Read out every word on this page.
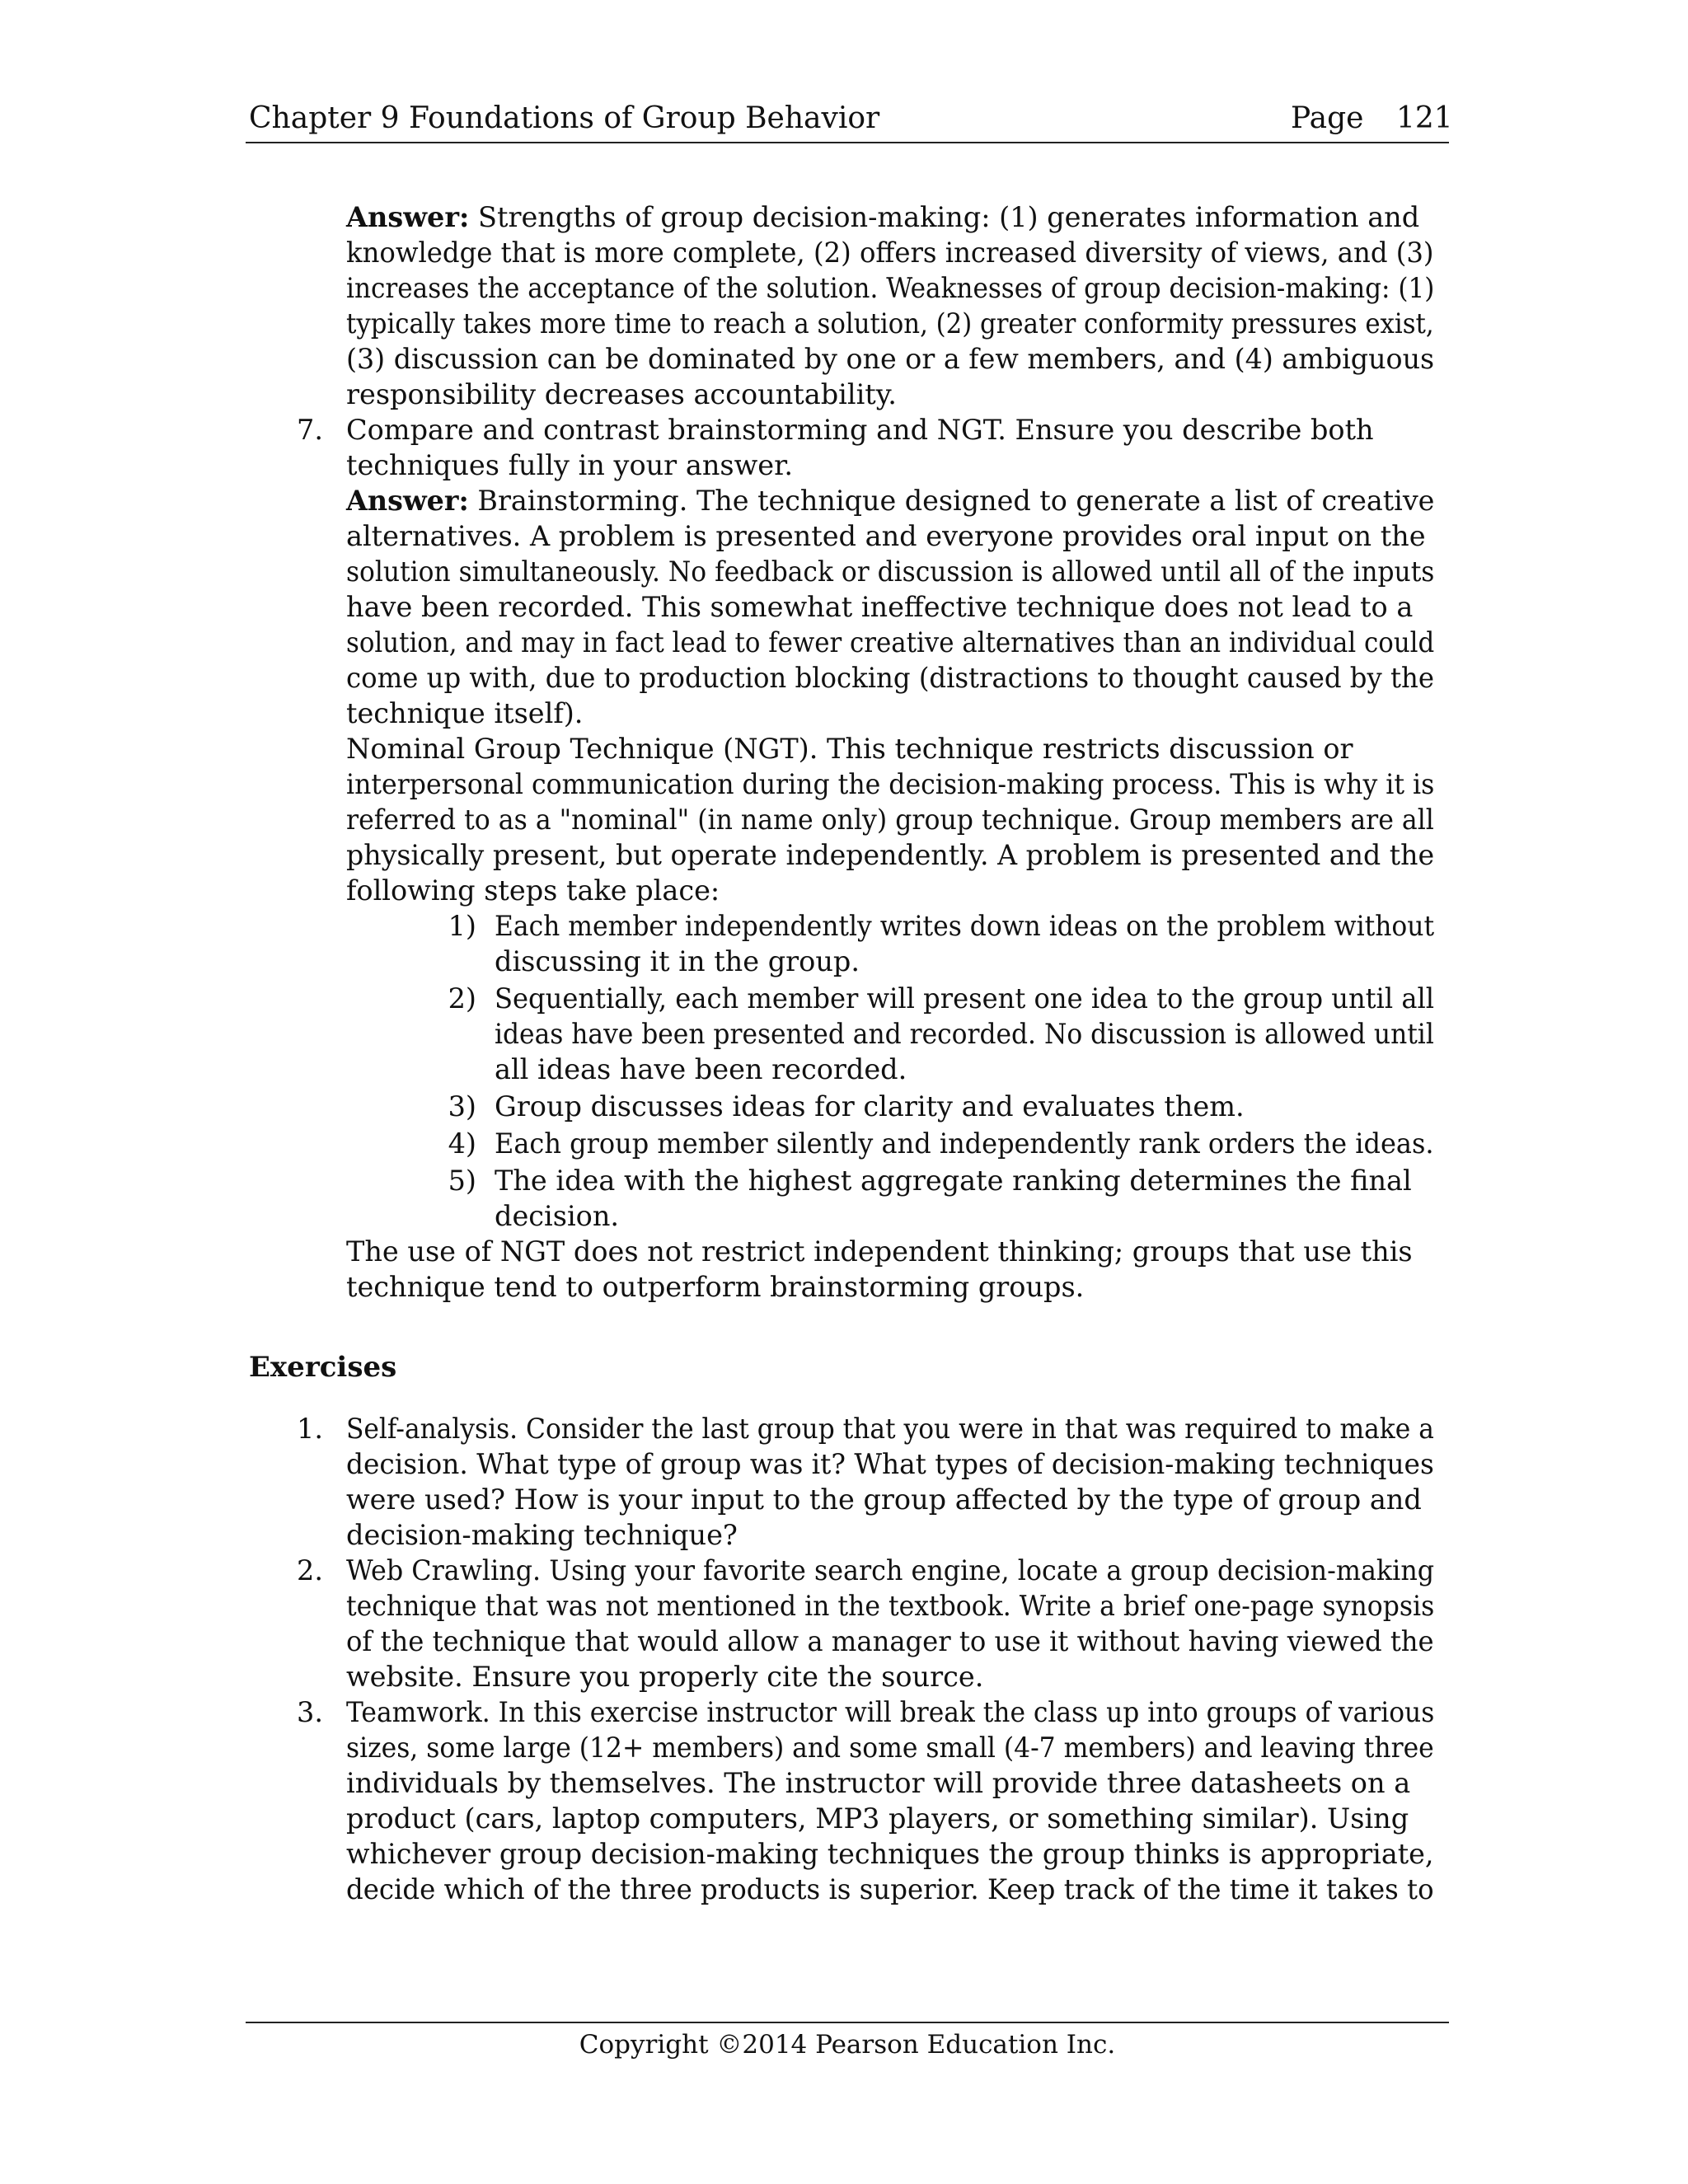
Chapter 9 Foundations of Group Behavior	Page 121
Answer: Strengths of group decision-making: (1) generates information and
knowledge that is more complete, (2) offers increased diversity of views, and (3)
increases the acceptance of the solution. Weaknesses of group decision-making: (1)
typically takes more time to reach a solution, (2) greater conformity pressures exist,
(3) discussion can be dominated by one or a few members, and (4) ambiguous
responsibility decreases accountability.
7. Compare and contrast brainstorming and NGT. Ensure you describe both
techniques fully in your answer.
Answer: Brainstorming. The technique designed to generate a list of creative
alternatives. A problem is presented and everyone provides oral input on the
solution simultaneously. No feedback or discussion is allowed until all of the inputs
have been recorded. This somewhat ineffective technique does not lead to a
solution, and may in fact lead to fewer creative alternatives than an individual could
come up with, due to production blocking (distractions to thought caused by the
technique itself).
Nominal Group Technique (NGT). This technique restricts discussion or
interpersonal communication during the decision-making process. This is why it is
referred to as a "nominal" (in name only) group technique. Group members are all
physically present, but operate independently. A problem is presented and the
following steps take place:
1) Each member independently writes down ideas on the problem without
discussing it in the group.
2) Sequentially, each member will present one idea to the group until all
ideas have been presented and recorded. No discussion is allowed until
all ideas have been recorded.
3) Group discusses ideas for clarity and evaluates them.
4) Each group member silently and independently rank orders the ideas.
5) The idea with the highest aggregate ranking determines the final
decision.
The use of NGT does not restrict independent thinking; groups that use this
technique tend to outperform brainstorming groups.
Exercises
1. Self-analysis. Consider the last group that you were in that was required to make a
decision. What type of group was it? What types of decision-making techniques
were used? How is your input to the group affected by the type of group and
decision-making technique?
2. Web Crawling. Using your favorite search engine, locate a group decision-making
technique that was not mentioned in the textbook. Write a brief one-page synopsis
of the technique that would allow a manager to use it without having viewed the
website. Ensure you properly cite the source.
3. Teamwork. In this exercise instructor will break the class up into groups of various
sizes, some large (12+ members) and some small (4-7 members) and leaving three
individuals by themselves. The instructor will provide three datasheets on a
product (cars, laptop computers, MP3 players, or something similar). Using
whichever group decision-making techniques the group thinks is appropriate,
decide which of the three products is superior. Keep track of the time it takes to
Copyright ©2014 Pearson Education Inc.
